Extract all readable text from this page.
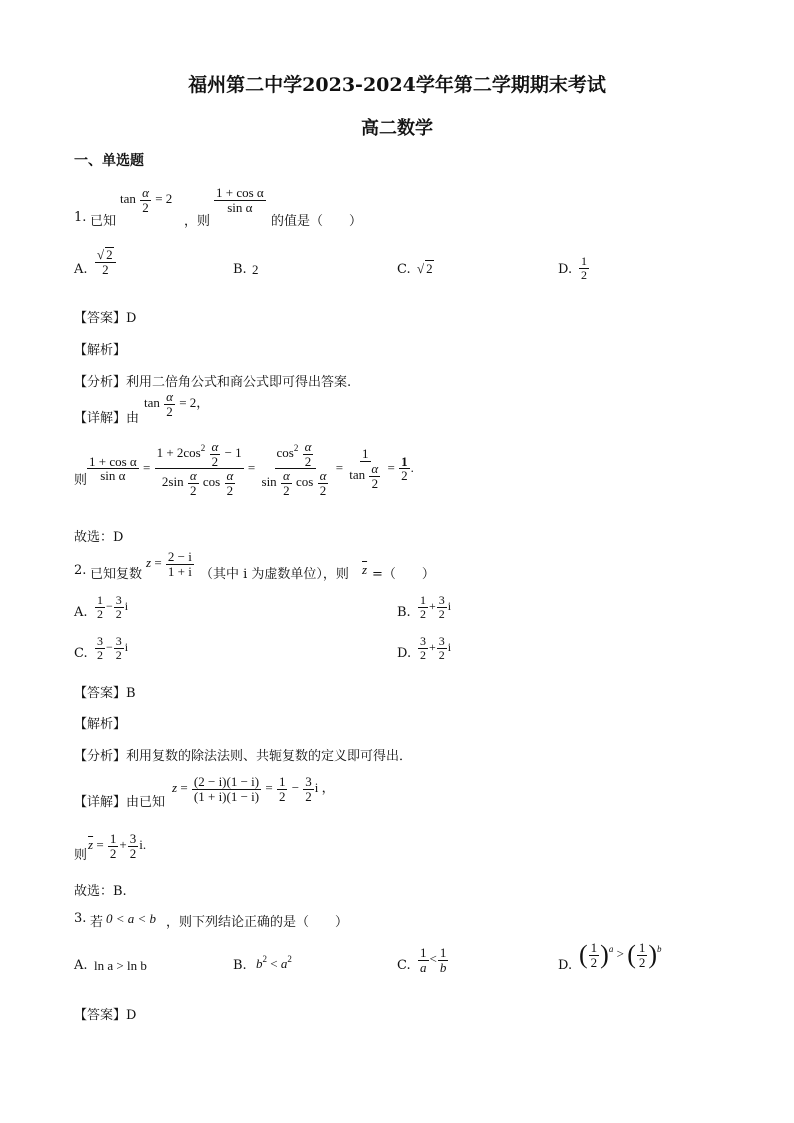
福州第二中学2023-2024学年第二学期期末考试
高二数学
一、单选题
1. 已知
$\tan \frac{\alpha}{2} = 2$
，则
$\frac{\text{1 + cos α}}{\text{sin α}}$
的值是（　　）
A. $\frac{√ 2}{2}$	B. 2	C. √ 2	D. $\frac{1}{2}$
【答案】D
【解析】
【分析】利用二倍角公式和商公式即可得出答案.
【详解】由
$\tan \frac{\alpha}{2} = 2$，
则 $\frac{\text{1 + cos α}}{\text{sin α}} = \frac{1 + 2\cos^2 \frac{\alpha}{2} - 1}{2\sin \frac{\alpha}{2} \cos \frac{\alpha}{2}} = \frac{\cos^2 \frac{\alpha}{2}}{\sin \frac{\alpha}{2} \cos \frac{\alpha}{2}} = \frac{1}{\tan \frac{\alpha}{2}} = \frac{1}{2}$ .
故选：D
2. 已知复数
$z = \frac{2 - i}{1 + i}$ （其中 i 为虚数单位），则 $\overline{z}$ =（　　）
A. $\frac{1}{2} - \frac{3}{2}$ i	B. $\frac{1}{2} + \frac{3}{2}$ i
C. $\frac{3}{2} - \frac{3}{2}$ i	D. $\frac{3}{2} + \frac{3}{2}$ i
【答案】B
【解析】
【分析】利用复数的除法法则、共轭复数的定义即可得出．
【详解】由已知
$z = \frac{(2 - i)(1 - i)}{(1 + i)(1 - i)} = \frac{1}{2} - \frac{3}{2}$ i ，
则
$\overline{z} = \frac{1}{2} + \frac{3}{2} i$.
故选：B.
3. 若 0 < a < b ，则下列结论正确的是（　　）
A. ln a > ln b	B. $b^2 < a^2$	C. $\frac{1}{a} < \frac{1}{b}$	D. ( $\frac{1}{2} )^a$ > ( $\frac{1}{2} )^b$
【答案】D
